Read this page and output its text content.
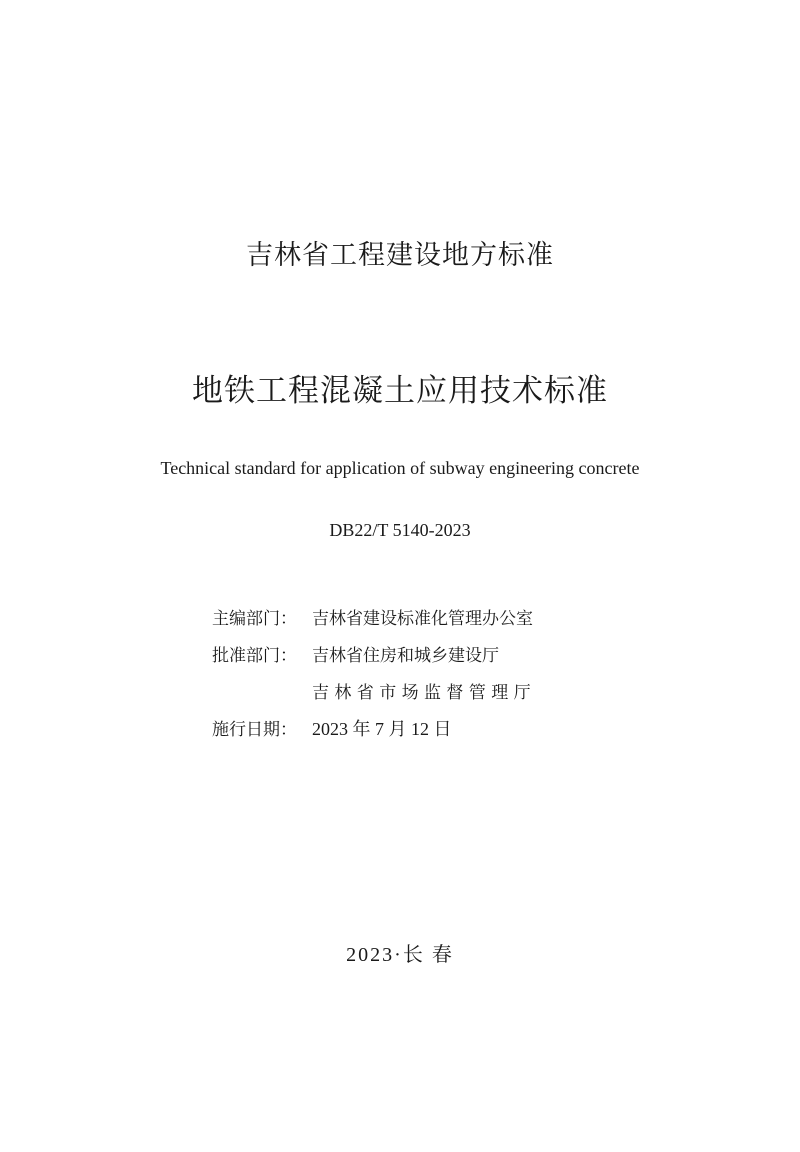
吉林省工程建设地方标准
地铁工程混凝土应用技术标准
Technical standard for application of subway engineering concrete
DB22/T 5140-2023
主编部门： 吉林省建设标准化管理办公室
批准部门： 吉林省住房和城乡建设厅
吉 林 省 市 场 监 督 管 理 厅
施行日期： 2023 年 7 月 12 日
2023·长 春
